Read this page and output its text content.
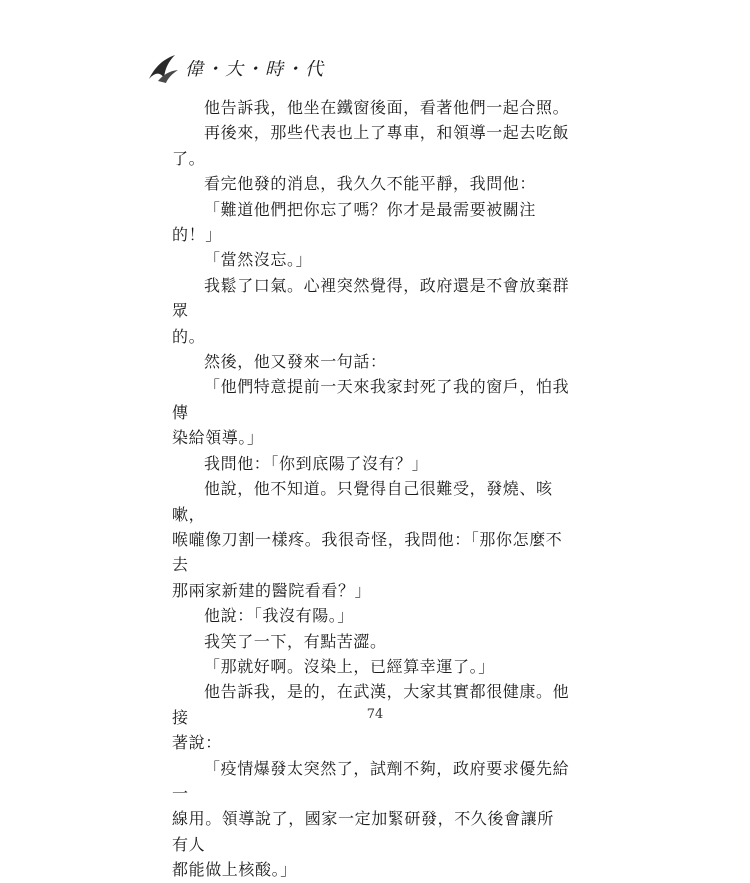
偉・大・時・代

他告訴我，他坐在鐵窗後面，看著他們一起合照。

再後來，那些代表也上了專車，和領導一起去吃飯
了。

看完他發的消息，我久久不能平靜，我問他：

「難道他們把你忘了嗎？你才是最需要被關注的！」

「當然沒忘。」

我鬆了口氣。心裡突然覺得，政府還是不會放棄群眾
的。

然後，他又發來一句話：

「他們特意提前一天來我家封死了我的窗戶，怕我傳
染給領導。」

我問他：「你到底陽了沒有？」

他說，他不知道。只覺得自己很難受，發燒、咳嗽，
喉嚨像刀割一樣疼。我很奇怪，我問他：「那你怎麼不去
那兩家新建的醫院看看？」

他說：「我沒有陽。」

我笑了一下，有點苦澀。

「那就好啊。沒染上，已經算幸運了。」

他告訴我，是的，在武漢，大家其實都很健康。他接
著說：

「疫情爆發太突然了，試劑不夠，政府要求優先給一
線用。領導說了，國家一定加緊研發，不久後會讓所有人
都能做上核酸。」

74
